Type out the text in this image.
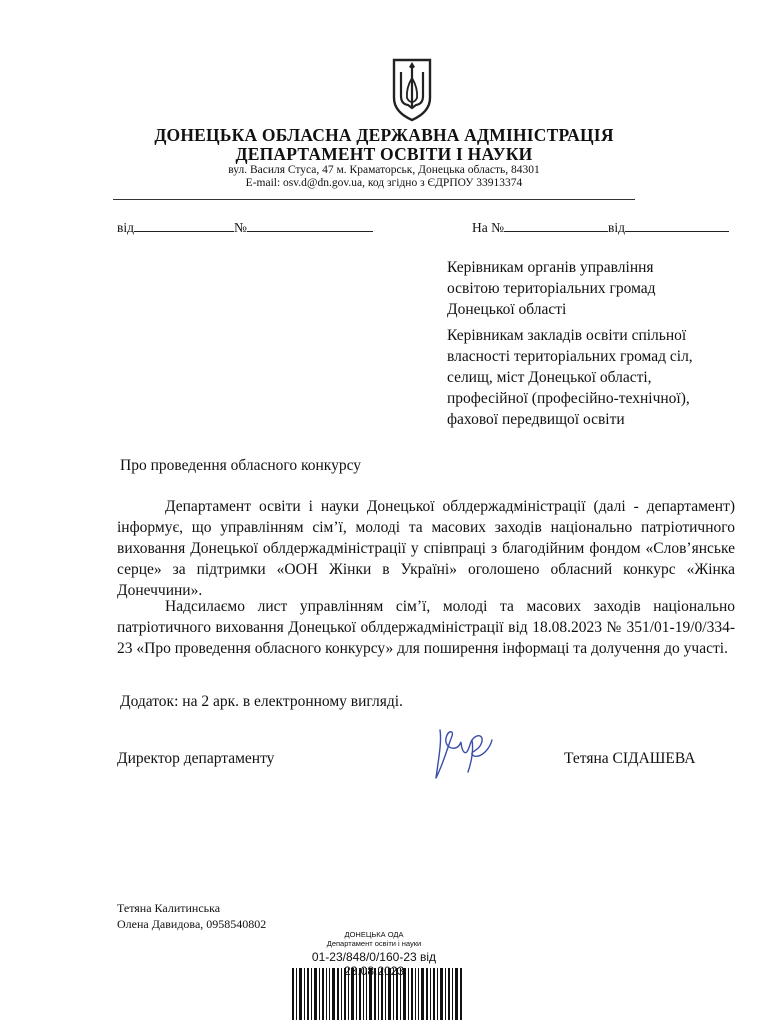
ДОНЕЦЬКА ОБЛАСНА ДЕРЖАВНА АДМІНІСТРАЦІЯ
ДЕПАРТАМЕНТ ОСВІТИ І НАУКИ
вул. Василя Стуса, 47 м. Краматорськ, Донецька область, 84301
E-mail: osv.d@dn.gov.ua, код згідно з ЄДРПОУ 33913374
від	№	На №	від
Керівникам органів управління
освітою територіальних громад
Донецької області
Керівникам закладів освіти спільної
власності територіальних громад сіл,
селищ, міст Донецької області,
професійної (професійно-технічної),
фахової передвищої освіти
Про проведення обласного конкурсу
Департамент освіти і науки Донецької облдержадміністрації (далі - департамент) інформує, що управлінням сім’ї, молоді та масових заходів національно патріотичного виховання Донецької облдержадміністрації у співпраці з благодійним фондом «Слов’янське серце» за підтримки «ООН Жінки в Україні» оголошено обласний конкурс «Жінка Донеччини».
Надсилаємо лист управлінням сім’ї, молоді та масових заходів національно патріотичного виховання Донецької облдержадміністрації від 18.08.2023 № 351/01-19/0/334-23 «Про проведення обласного конкурсу» для поширення інформаці та долучення до участі.
Додаток: на 2 арк. в електронному вигляді.
Директор департаменту	Тетяна СІДАШЕВА
Тетяна Калитинська
Олена Давидова, 0958540802
ДОНЕЦЬКА ОДА
Департамент освіти і науки
01-23/848/0/160-23 від
